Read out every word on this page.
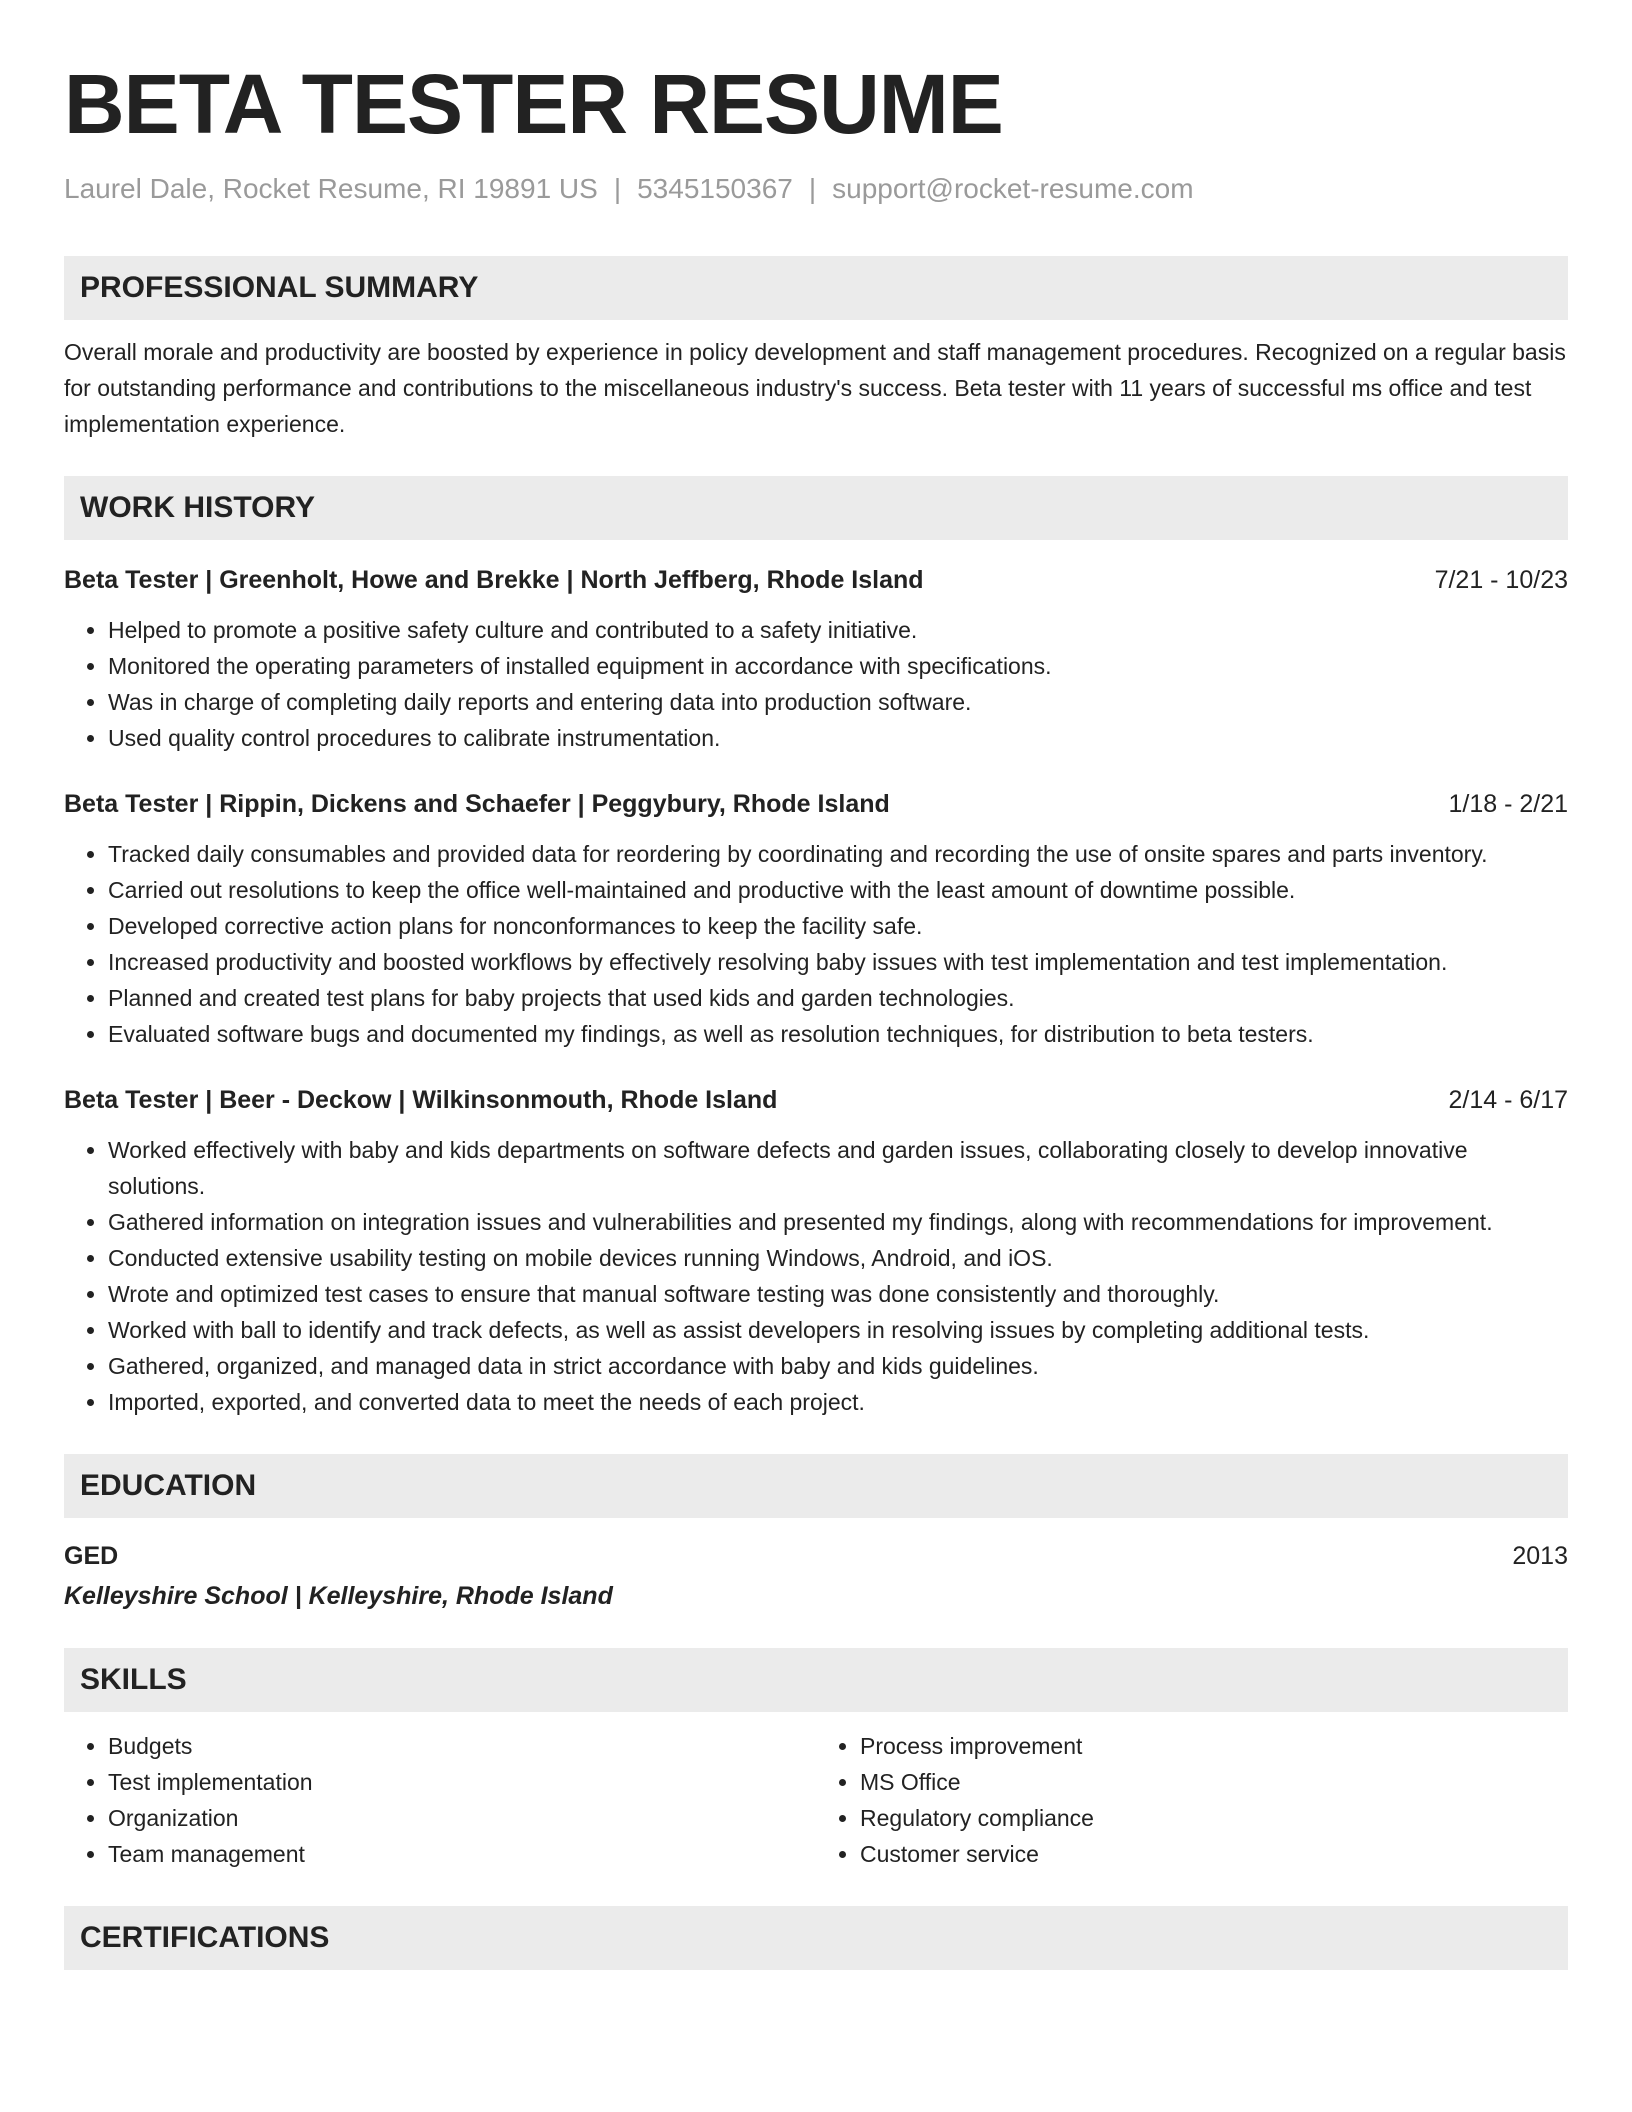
BETA TESTER RESUME
Laurel Dale, Rocket Resume, RI 19891 US | 5345150367 | support@rocket-resume.com
PROFESSIONAL SUMMARY
Overall morale and productivity are boosted by experience in policy development and staff management procedures. Recognized on a regular basis for outstanding performance and contributions to the miscellaneous industry's success. Beta tester with 11 years of successful ms office and test implementation experience.
WORK HISTORY
Beta Tester | Greenholt, Howe and Brekke | North Jeffberg, Rhode Island	7/21 - 10/23
• Helped to promote a positive safety culture and contributed to a safety initiative.
• Monitored the operating parameters of installed equipment in accordance with specifications.
• Was in charge of completing daily reports and entering data into production software.
• Used quality control procedures to calibrate instrumentation.
Beta Tester | Rippin, Dickens and Schaefer | Peggybury, Rhode Island	1/18 - 2/21
• Tracked daily consumables and provided data for reordering by coordinating and recording the use of onsite spares and parts inventory.
• Carried out resolutions to keep the office well-maintained and productive with the least amount of downtime possible.
• Developed corrective action plans for nonconformances to keep the facility safe.
• Increased productivity and boosted workflows by effectively resolving baby issues with test implementation and test implementation.
• Planned and created test plans for baby projects that used kids and garden technologies.
• Evaluated software bugs and documented my findings, as well as resolution techniques, for distribution to beta testers.
Beta Tester | Beer - Deckow | Wilkinsonmouth, Rhode Island	2/14 - 6/17
• Worked effectively with baby and kids departments on software defects and garden issues, collaborating closely to develop innovative solutions.
• Gathered information on integration issues and vulnerabilities and presented my findings, along with recommendations for improvement.
• Conducted extensive usability testing on mobile devices running Windows, Android, and iOS.
• Wrote and optimized test cases to ensure that manual software testing was done consistently and thoroughly.
• Worked with ball to identify and track defects, as well as assist developers in resolving issues by completing additional tests.
• Gathered, organized, and managed data in strict accordance with baby and kids guidelines.
• Imported, exported, and converted data to meet the needs of each project.
EDUCATION
GED	2013
Kelleyshire School | Kelleyshire, Rhode Island
SKILLS
• Budgets
• Test implementation
• Organization
• Team management
• Process improvement
• MS Office
• Regulatory compliance
• Customer service
CERTIFICATIONS
